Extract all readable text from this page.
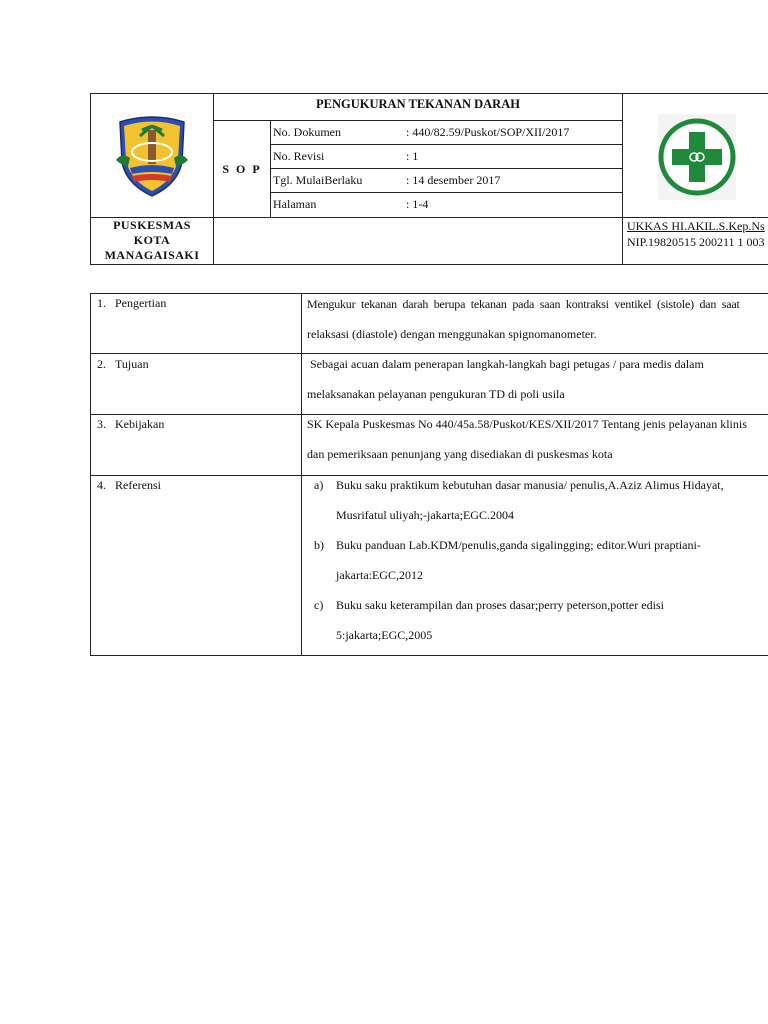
PENGUKURAN TEKANAN DARAH
S O P
No. Dokumen	: 440/82.59/Puskot/SOP/XII/2017
No. Revisi	: 1
Tgl. MulaiBerlaku	: 14 desember 2017
Halaman	: 1-4
PUSKESMAS
KOTA
MANAGAISAKI
UKKAS HI.AKIL.S.Kep.Ns
NIP.19820515 200211 1 003
1. Pengertian	Mengukur  tekanan  darah  berupa  tekanan  pada  saan  kontraksi  ventikel  (sistole)  dan  saat
relaksasi (diastole) dengan menggunakan spignomanometer.
2. Tujuan	Sebagai acuan dalam penerapan langkah-langkah bagi petugas / para medis dalam
melaksanakan pelayanan pengukuran TD di poli usila
3. Kebijakan	SK Kepala Puskesmas No 440/45a.58/Puskot/KES/XII/2017 Tentang jenis pelayanan klinis
dan pemeriksaan penunjang yang disediakan di puskesmas kota
4. Referensi	a)	Buku saku praktikum kebutuhan dasar manusia/ penulis,A.Aziz Alimus Hidayat,
Musrifatul uliyah;-jakarta;EGC.2004
b)	Buku panduan Lab.KDM/penulis,ganda sigalingging; editor.Wuri praptiani-
jakarta:EGC,2012
c)	Buku saku keterampilan dan proses dasar;perry peterson,potter edisi
5:jakarta;EGC,2005
